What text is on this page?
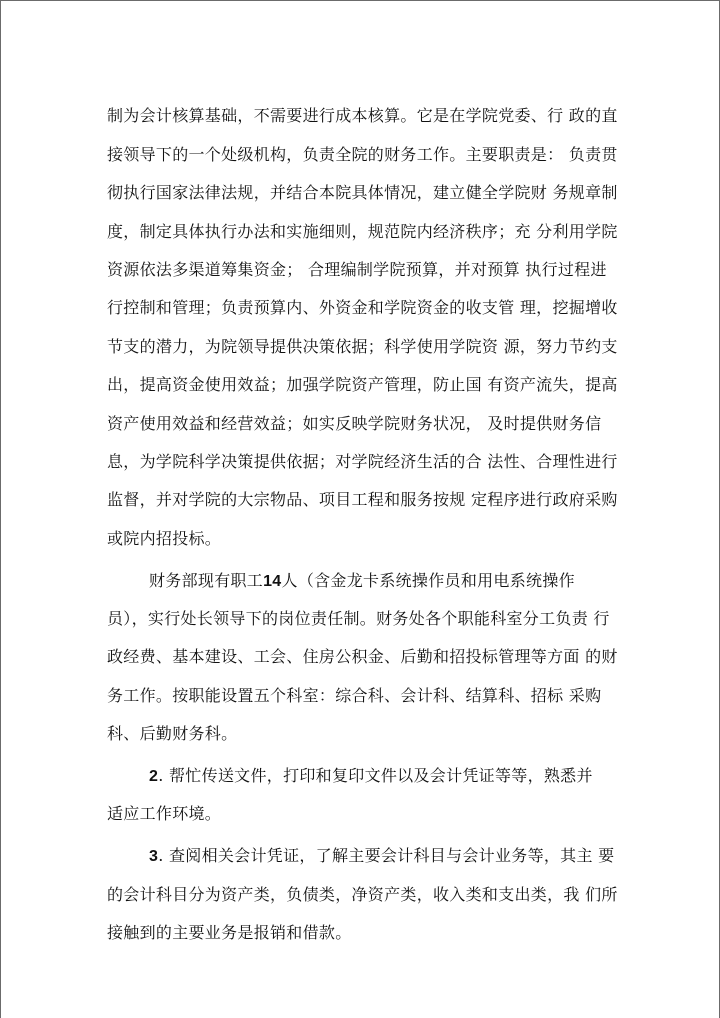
制为会计核算基础，不需要进行成本核算。它是在学院党委、行 政的直
接领导下的一个处级机构，负责全院的财务工作。主要职责是： 负责贯
彻执行国家法律法规，并结合本院具体情况，建立健全学院财 务规章制
度，制定具体执行办法和实施细则，规范院内经济秩序；充 分利用学院
资源依法多渠道筹集资金； 合理编制学院预算，并对预算 执行过程进
行控制和管理；负责预算内、外资金和学院资金的收支管 理，挖掘增收
节支的潜力，为院领导提供决策依据；科学使用学院资 源，努力节约支
出，提高资金使用效益；加强学院资产管理，防止国 有资产流失，提高
资产使用效益和经营效益；如实反映学院财务状况， 及时提供财务信
息，为学院科学决策提供依据；对学院经济生活的合 法性、合理性进行
监督，并对学院的大宗物品、项目工程和服务按规 定程序进行政府采购
或院内招投标。
财务部现有职工14人（含金龙卡系统操作员和用电系统操作
员），实行处长领导下的岗位责任制。财务处各个职能科室分工负责 行
政经费、基本建设、工会、住房公积金、后勤和招投标管理等方面 的财
务工作。按职能设置五个科室：综合科、会计科、结算科、招标 采购
科、后勤财务科。
2. 帮忙传送文件，打印和复印文件以及会计凭证等等，熟悉并
适应工作环境。
3. 查阅相关会计凭证，了解主要会计科目与会计业务等，其主 要
的会计科目分为资产类，负债类，净资产类，收入类和支出类，我 们所
接触到的主要业务是报销和借款。
